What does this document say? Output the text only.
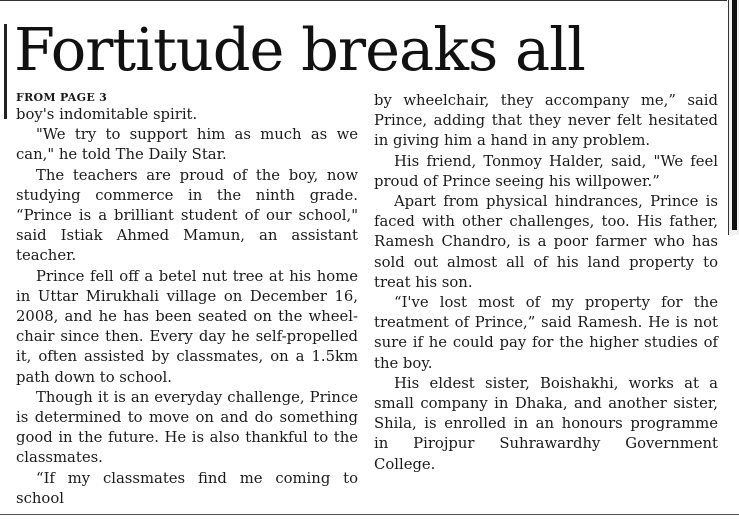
Fortitude breaks all
FROM PAGE 3

boy's indomitable spirit.

"We try to support him as much as we can," he told The Daily Star.

The teachers are proud of the boy, now studying commerce in the ninth grade. “Prince is a brilliant student of our school," said Istiak Ahmed Mamun, an assistant teacher.

Prince fell off a betel nut tree at his home in Uttar Mirukhali village on December 16, 2008, and he has been seated on the wheel-chair since then. Every day he self-propelled it, often assisted by classmates, on a 1.5km path down to school.

Though it is an everyday challenge, Prince is determined to move on and do something good in the future. He is also thankful to the classmates.

“If my classmates find me coming to school

by wheelchair, they accompany me,” said Prince, adding that they never felt hesitated in giving him a hand in any problem.

His friend, Tonmoy Halder, said, "We feel proud of Prince seeing his willpower.”

Apart from physical hindrances, Prince is faced with other challenges, too. His father, Ramesh Chandro, is a poor farmer who has sold out almost all of his land property to treat his son.

“I've lost most of my property for the treatment of Prince,” said Ramesh. He is not sure if he could pay for the higher studies of the boy.

His eldest sister, Boishakhi, works at a small company in Dhaka, and another sister, Shila, is enrolled in an honours programme in Pirojpur Suhrawardhy Government College.
